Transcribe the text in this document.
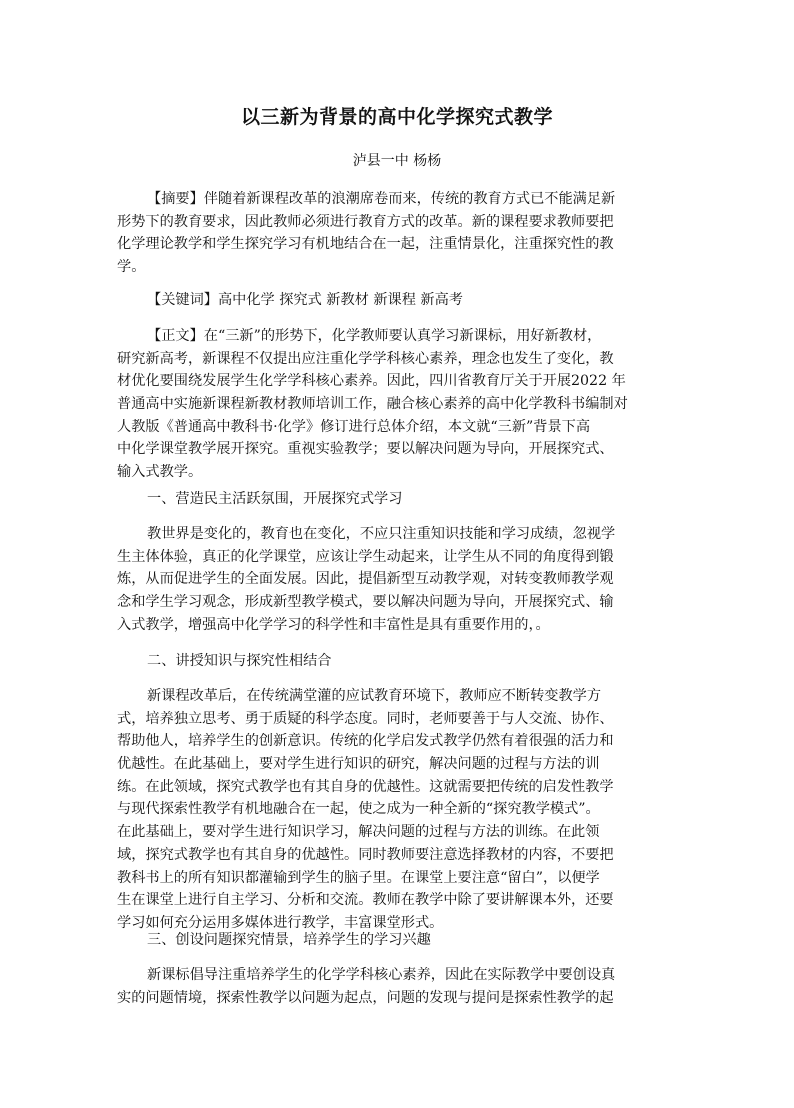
以三新为背景的高中化学探究式教学
泸县一中 杨杨
【摘要】伴随着新课程改革的浪潮席卷而来，传统的教育方式已不能满足新
形势下的教育要求，因此教师必须进行教育方式的改革。新的课程要求教师要把
化学理论教学和学生探究学习有机地结合在一起，注重情景化，注重探究性的教
学。
【关键词】高中化学 探究式 新教材 新课程 新高考
【正文】在“三新”的形势下，化学教师要认真学习新课标，用好新教材，
研究新高考，新课程不仅提出应注重化学学科核心素养，理念也发生了变化，教
材优化要围绕发展学生化学学科核心素养。因此，四川省教育厅关于开展2022 年
普通高中实施新课程新教材教师培训工作，融合核心素养的高中化学教科书编制对
人教版《普通高中教科书·化学》修订进行总体介绍，本文就“三新”背景下高
中化学课堂教学展开探究。重视实验教学；要以解决问题为导向，开展探究式、
输入式教学。
一、营造民主活跃氛围，开展探究式学习
教世界是变化的，教育也在变化，不应只注重知识技能和学习成绩，忽视学
生主体体验，真正的化学课堂，应该让学生动起来，让学生从不同的角度得到锻
炼，从而促进学生的全面发展。因此，提倡新型互动教学观，对转变教师教学观
念和学生学习观念，形成新型教学模式，要以解决问题为导向，开展探究式、输
入式教学，增强高中化学学习的科学性和丰富性是具有重要作用的，。
二、讲授知识与探究性相结合
新课程改革后，在传统满堂灌的应试教育环境下，教师应不断转变教学方
式，培养独立思考、勇于质疑的科学态度。同时，老师要善于与人交流、协作、
帮助他人，培养学生的创新意识。传统的化学启发式教学仍然有着很强的活力和
优越性。在此基础上，要对学生进行知识的研究，解决问题的过程与方法的训
练。在此领域，探究式教学也有其自身的优越性。这就需要把传统的启发性教学
与现代探索性教学有机地融合在一起，使之成为一种全新的“探究教学模式”。
在此基础上，要对学生进行知识学习，解决问题的过程与方法的训练。在此领
域，探究式教学也有其自身的优越性。同时教师要注意选择教材的内容，不要把
教科书上的所有知识都灌输到学生的脑子里。在课堂上要注意“留白”，以便学
生在课堂上进行自主学习、分析和交流。教师在教学中除了要讲解课本外，还要
学习如何充分运用多媒体进行教学，丰富课堂形式。
三、创设问题探究情景，培养学生的学习兴趣
新课标倡导注重培养学生的化学学科核心素养，因此在实际教学中要创设真
实的问题情境，探索性教学以问题为起点，问题的发现与提问是探索性教学的起
